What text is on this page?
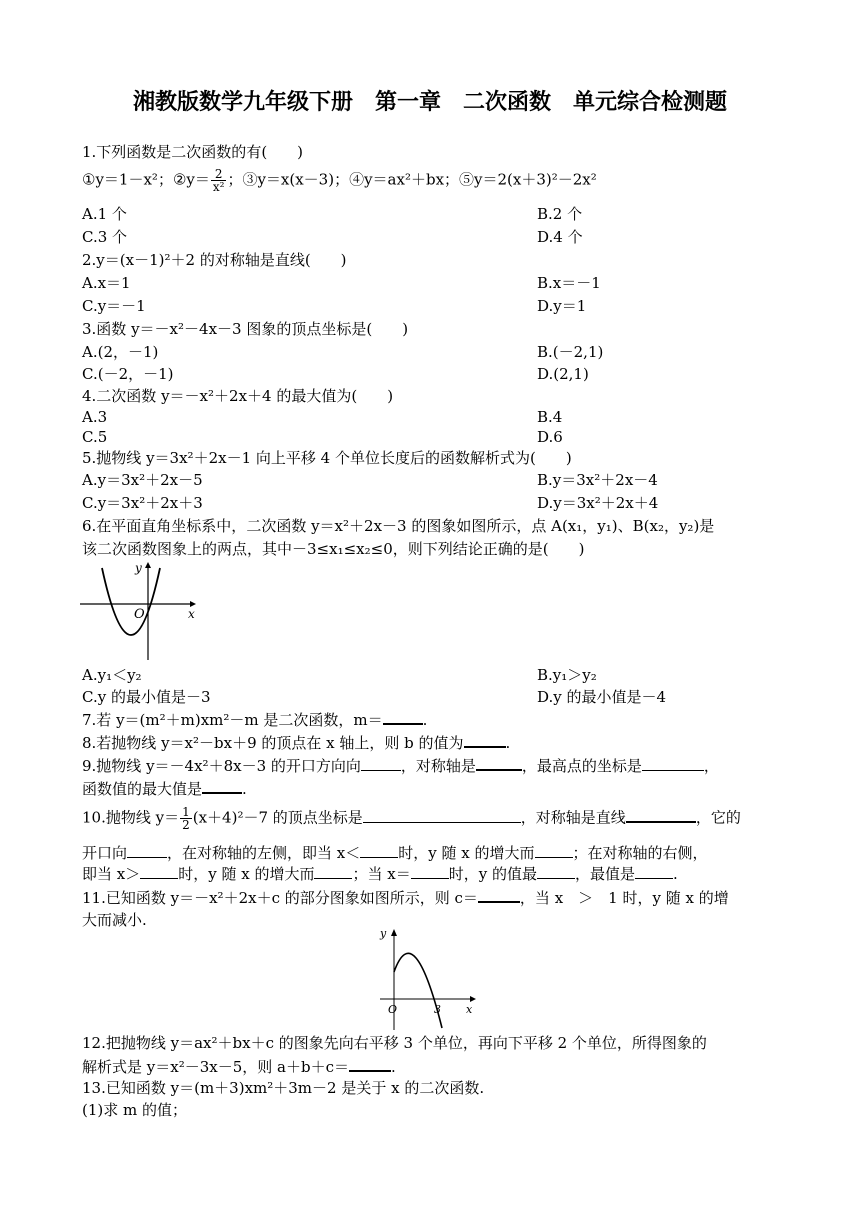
湘教版数学九年级下册　第一章　二次函数　单元综合检测题
1.下列函数是二次函数的有(　　)
①y＝1－x²；②y＝ $\frac{2}{\text{x²}}$ ；③y＝x(x－3)；④y＝ax²＋bx；⑤y＝2(x＋3)²－2x²
A.1 个	B.2 个
C.3 个	D.4 个
2.y＝(x－1)²＋2 的对称轴是直线(　　)
A.x＝1	B.x＝－1
C.y＝－1	D.y＝1
3.函数 y＝－x²－4x－3 图象的顶点坐标是(　　)
A.(2，－1)	B.(－2,1)
C.(－2，－1)	D.(2,1)
4.二次函数 y＝－x²＋2x＋4 的最大值为(　　)
A.3	B.4
C.5	D.6
5.抛物线 y＝3x²＋2x－1 向上平移 4 个单位长度后的函数解析式为(　　)
A.y＝3x²＋2x－5	B.y＝3x²＋2x－4
C.y＝3x²＋2x＋3	D.y＝3x²＋2x＋4
6.在平面直角坐标系中，二次函数 y＝x²＋2x－3 的图象如图所示，点 A(x₁，y₁)、B(x₂，y₂)是
该二次函数图象上的两点，其中－3≤x₁≤x₂≤0，则下列结论正确的是(　　)
y
O	x
A.y₁＜y₂	B.y₁＞y₂
C.y 的最小值是－3	D.y 的最小值是－4
7.若 y＝(m²＋m)xm²－m 是二次函数，m＝	.
8.若抛物线 y＝x²－bx＋9 的顶点在 x 轴上，则 b 的值为	.
9.抛物线 y＝－4x²＋8x－3 的开口方向向	，对称轴是	，最高点的坐标是	，
函数值的最大值是	.
10.抛物线 $y= \frac{1}{2} (x+4)^2-7$ 的顶点坐标是	，对称轴是直线	，它的
开口向	，在对称轴的左侧，即当 x＜	时，y 随 x 的增大而	；在对称轴的右侧，
即当 x＞	时，y 随 x 的增大而	；当 x＝	时，y 的值最	，最值是	.
11.已知函数 y＝－x²＋2x＋c 的部分图象如图所示，则 c＝	，当 x　＞　1 时，y 随 x 的增
大而减小.
y
O	3 x
12.把抛物线 y＝ax²＋bx＋c 的图象先向右平移 3 个单位，再向下平移 2 个单位，所得图象的
解析式是 y＝x²－3x－5，则 a＋b＋c＝	.
13.已知函数 y＝(m＋3)xm²＋3m－2 是关于 x 的二次函数.
(1)求 m 的值；
